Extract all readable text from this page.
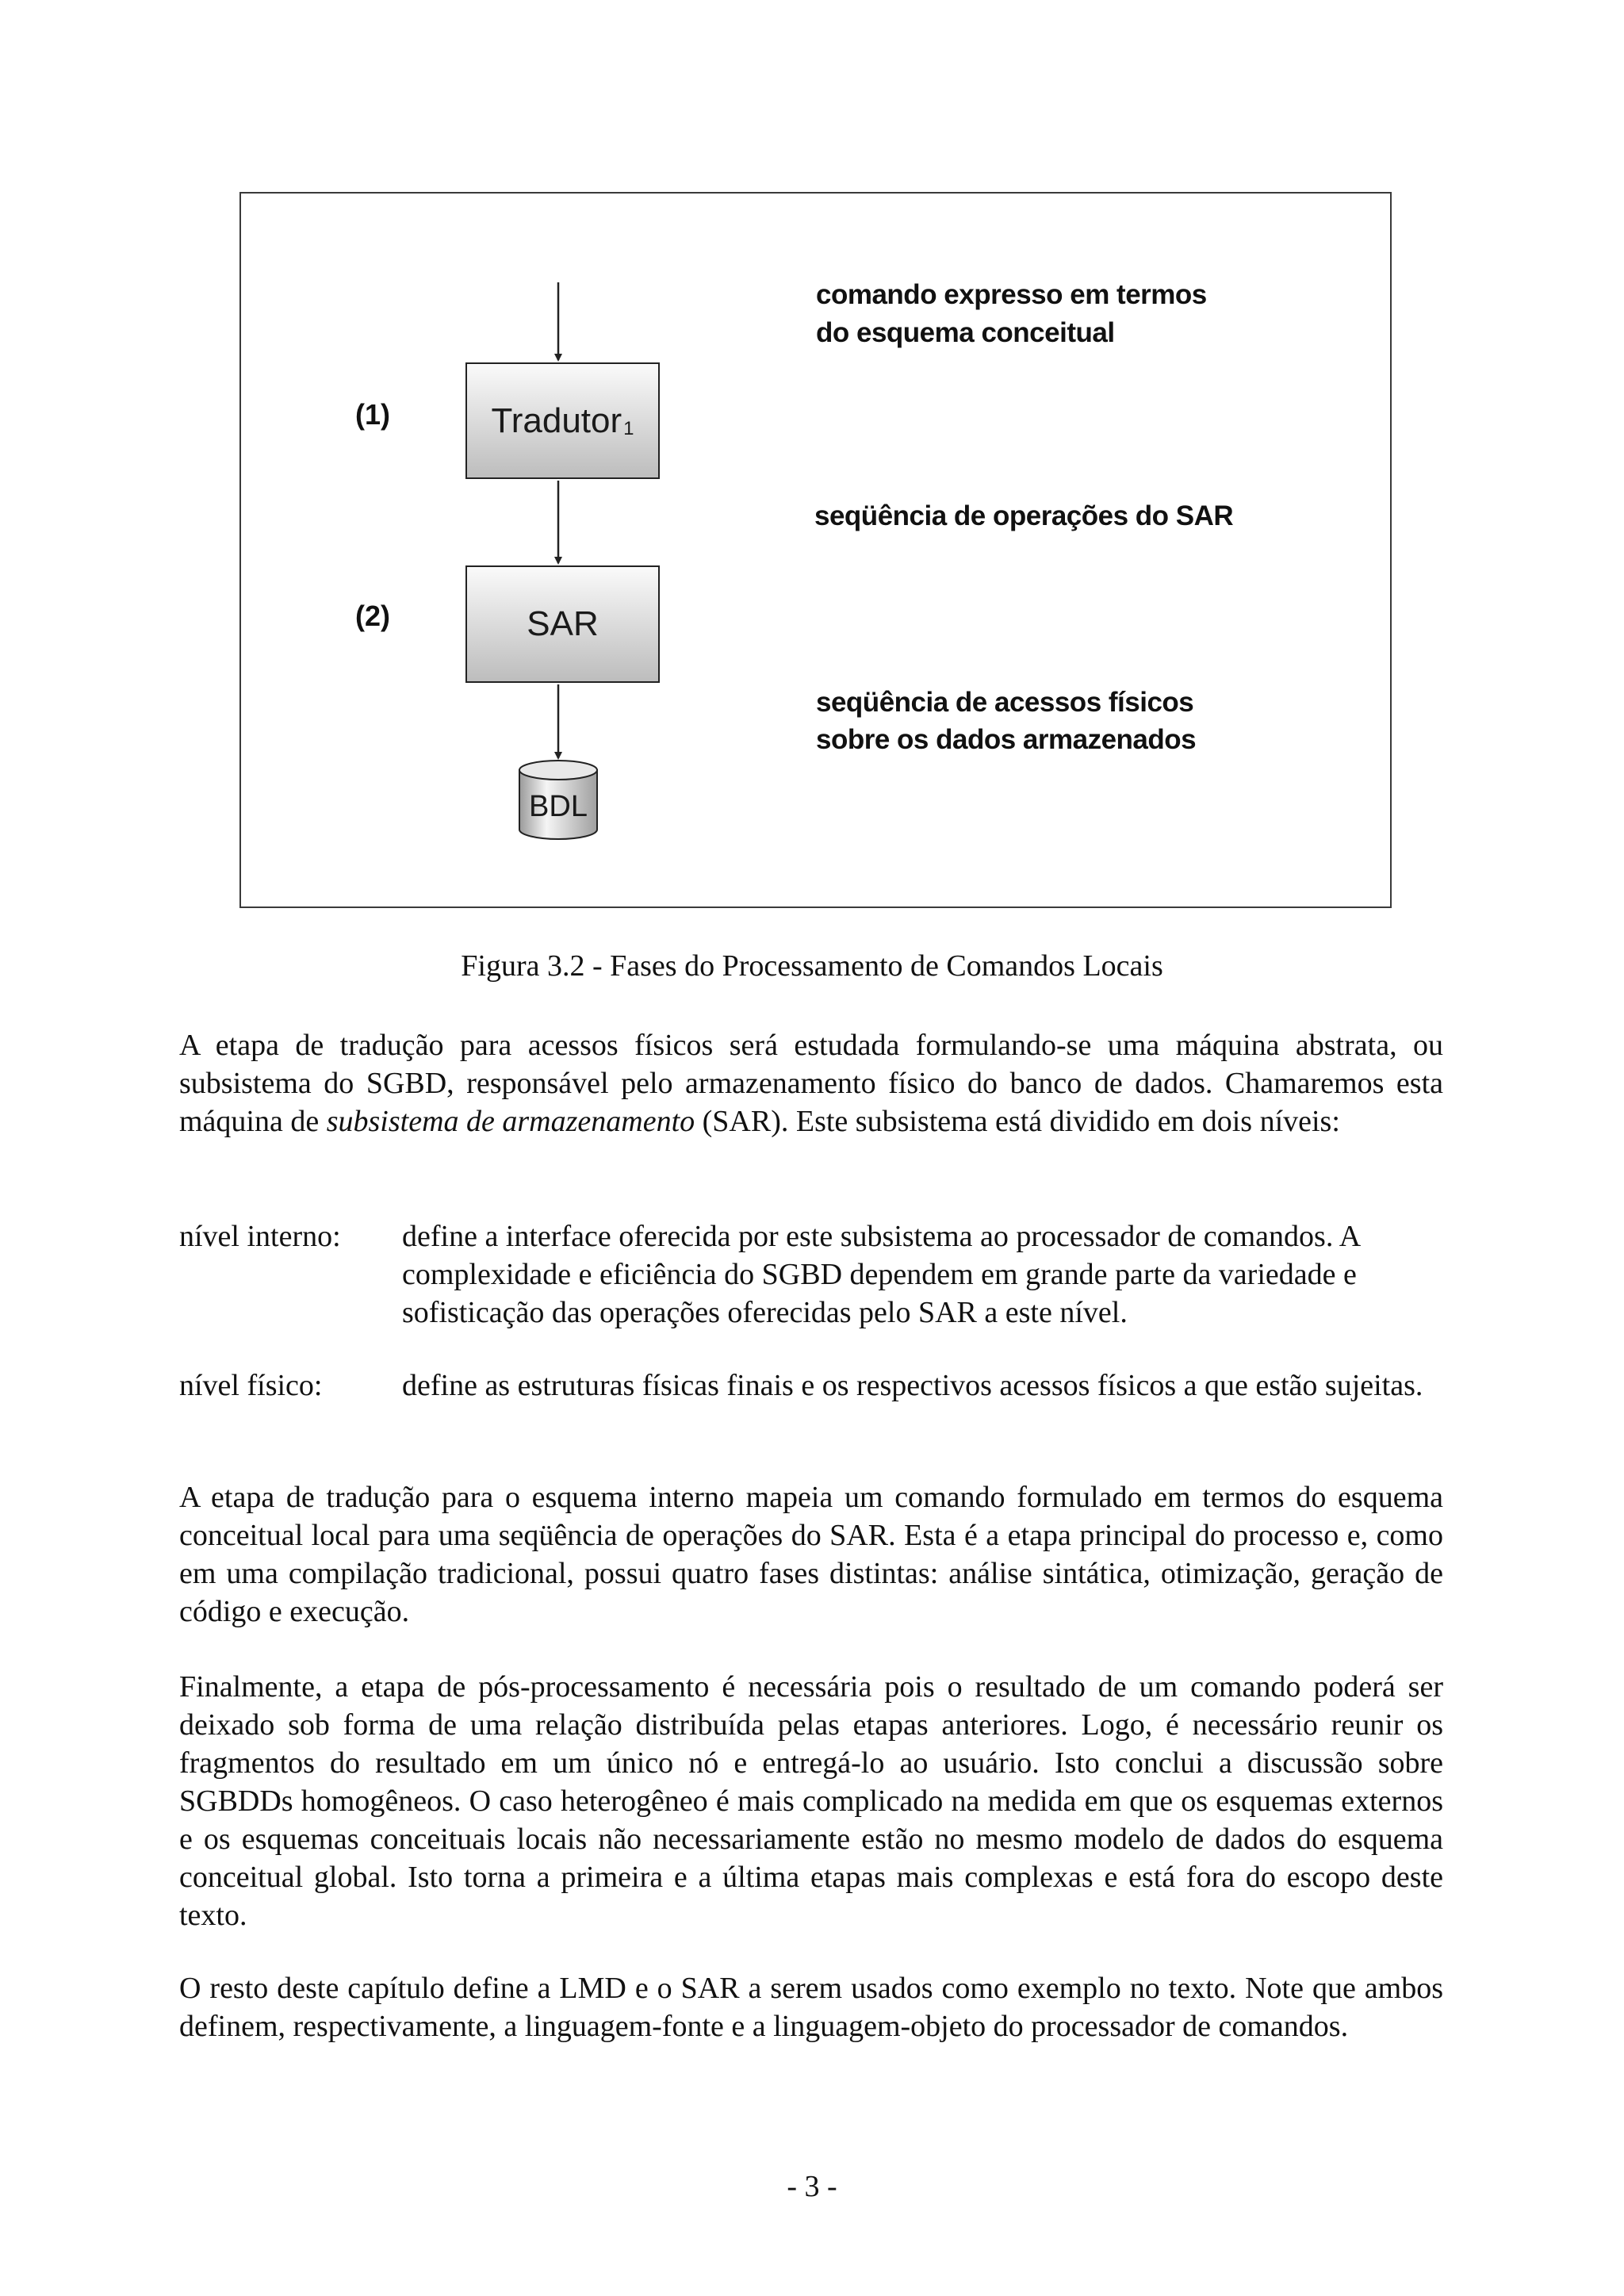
comando expresso em termos
do esquema conceitual
seqüência de operações do SAR
seqüência de acessos físicos
sobre os dados armazenados
(1)
(2)
Tradutor 1
SAR
BDL
Figura 3.2 - Fases do Processamento de Comandos Locais

A etapa de tradução para acessos físicos será estudada formulando-se uma máquina abstrata, ou subsistema do SGBD, responsável pelo armazenamento físico do banco de dados. Chamaremos esta máquina de subsistema de armazenamento (SAR). Este subsistema está dividido em dois níveis:

nível interno: define a interface oferecida por este subsistema ao processador de comandos. A complexidade e eficiência do SGBD dependem em grande parte da variedade e sofisticação das operações oferecidas pelo SAR a este nível.

nível físico:	define as estruturas físicas finais e os respectivos acessos físicos a que estão sujeitas.

A etapa de tradução para o esquema interno mapeia um comando formulado em termos do esquema conceitual local para uma seqüência de operações do SAR. Esta é a etapa principal do processo e, como em uma compilação tradicional, possui quatro fases distintas: análise sintática, otimização, geração de código e execução.

Finalmente, a etapa de pós-processamento é necessária pois o resultado de um comando poderá ser deixado sob forma de uma relação distribuída pelas etapas anteriores. Logo, é necessário reunir os fragmentos do resultado em um único nó e entregá-lo ao usuário. Isto conclui a discussão sobre SGBDDs homogêneos. O caso heterogêneo é mais complicado na medida em que os esquemas externos e os esquemas conceituais locais não necessariamente estão no mesmo modelo de dados do esquema conceitual global. Isto torna a primeira e a última etapas mais complexas e está fora do escopo deste texto.

O resto deste capítulo define a LMD e o SAR a serem usados como exemplo no texto. Note que ambos definem, respectivamente, a linguagem-fonte e a linguagem-objeto do processador de comandos.

- 3 -
